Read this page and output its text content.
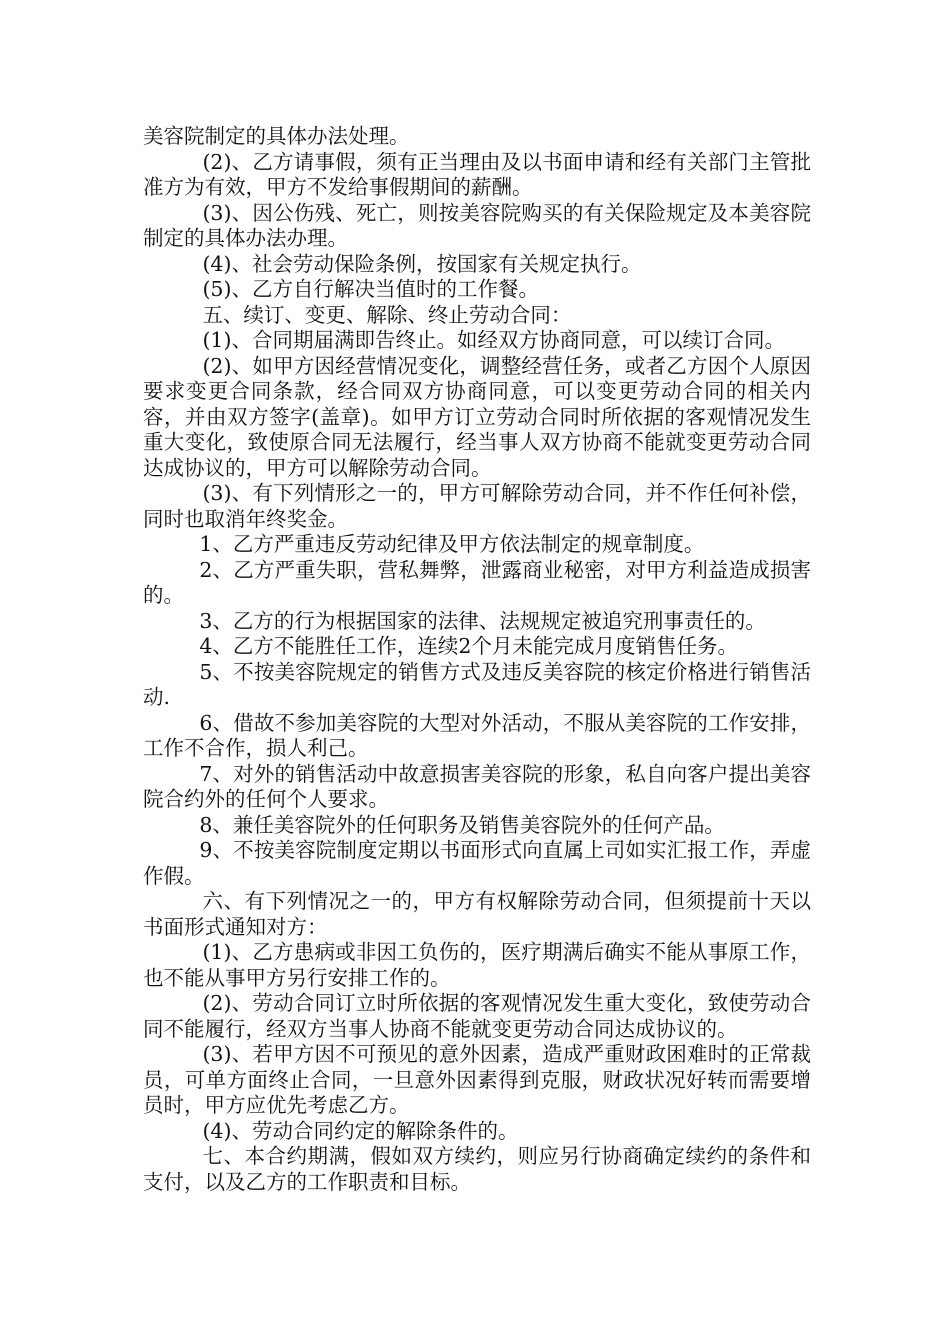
美容院制定的具体办法处理。

(2)、乙方请事假，须有正当理由及以书面申请和经有关部门主管批准方为有效，甲方不发给事假期间的薪酬。

(3)、因公伤残、死亡，则按美容院购买的有关保险规定及本美容院制定的具体办法办理。

(4)、社会劳动保险条例，按国家有关规定执行。

(5)、乙方自行解决当值时的工作餐。

五、续订、变更、解除、终止劳动合同：

(1)、合同期届满即告终止。如经双方协商同意，可以续订合同。

(2)、如甲方因经营情况变化，调整经营任务，或者乙方因个人原因要求变更合同条款，经合同双方协商同意，可以变更劳动合同的相关内容，并由双方签字(盖章)。如甲方订立劳动合同时所依据的客观情况发生重大变化，致使原合同无法履行，经当事人双方协商不能就变更劳动合同达成协议的，甲方可以解除劳动合同。

(3)、有下列情形之一的，甲方可解除劳动合同，并不作任何补偿，同时也取消年终奖金。

1、乙方严重违反劳动纪律及甲方依法制定的规章制度。

2、乙方严重失职，营私舞弊，泄露商业秘密，对甲方利益造成损害的。

3、乙方的行为根据国家的法律、法规规定被追究刑事责任的。

4、乙方不能胜任工作，连续2个月未能完成月度销售任务。

5、不按美容院规定的销售方式及违反美容院的核定价格进行销售活动.

6、借故不参加美容院的大型对外活动，不服从美容院的工作安排，工作不合作，损人利己。

7、对外的销售活动中故意损害美容院的形象，私自向客户提出美容院合约外的任何个人要求。

8、兼任美容院外的任何职务及销售美容院外的任何产品。

9、不按美容院制度定期以书面形式向直属上司如实汇报工作，弄虚作假。

六、有下列情况之一的，甲方有权解除劳动合同，但须提前十天以书面形式通知对方：

(1)、乙方患病或非因工负伤的，医疗期满后确实不能从事原工作，也不能从事甲方另行安排工作的。

(2)、劳动合同订立时所依据的客观情况发生重大变化，致使劳动合同不能履行，经双方当事人协商不能就变更劳动合同达成协议的。

(3)、若甲方因不可预见的意外因素，造成严重财政困难时的正常裁员，可单方面终止合同，一旦意外因素得到克服，财政状况好转而需要增员时，甲方应优先考虑乙方。

(4)、劳动合同约定的解除条件的。

七、本合约期满，假如双方续约，则应另行协商确定续约的条件和支付，以及乙方的工作职责和目标。
